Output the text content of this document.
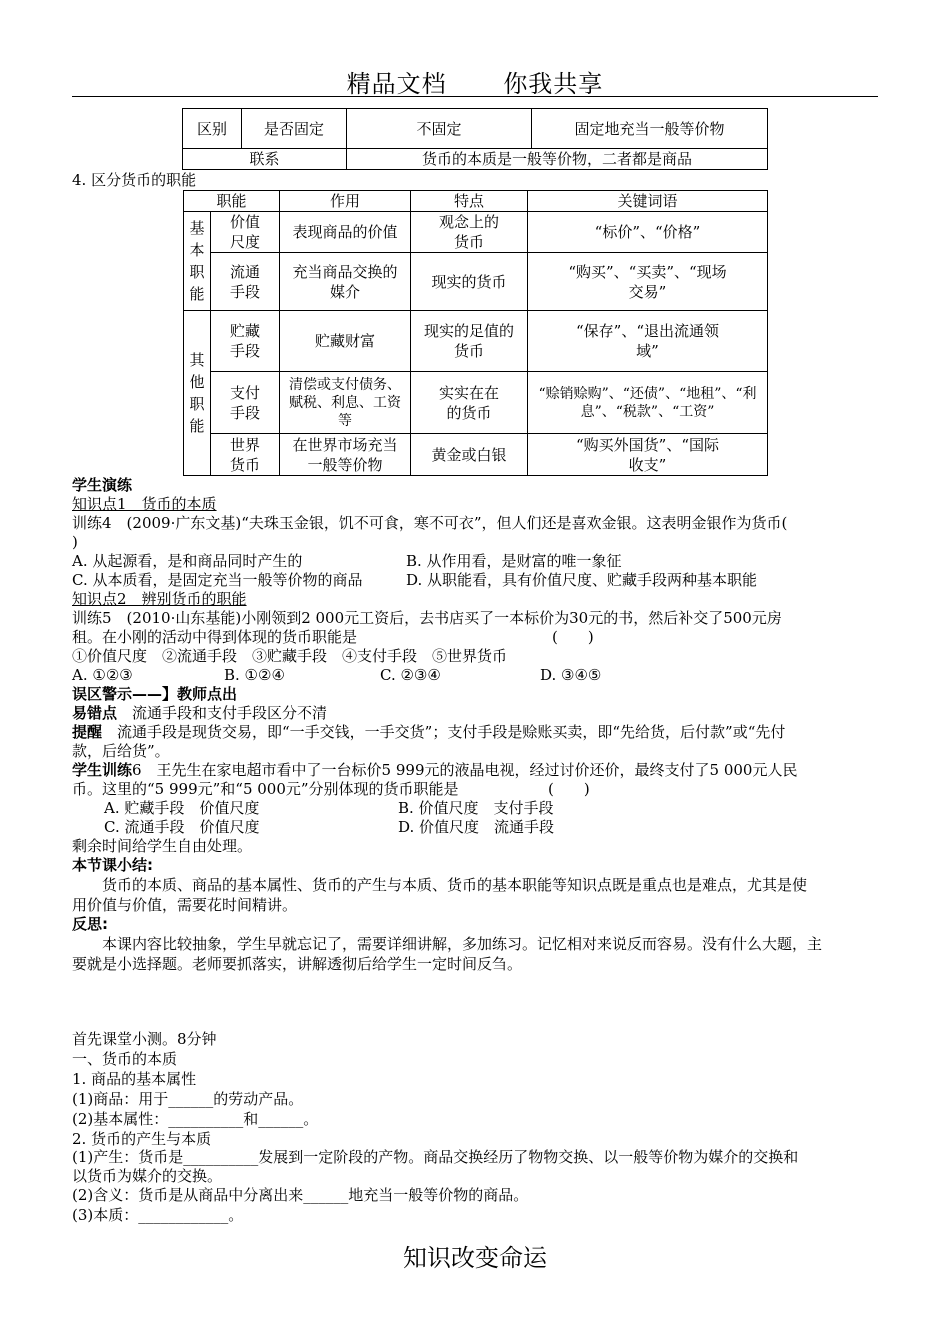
精品文档 你我共享
区别	是否固定	不固定	固定地充当一般等价物
联系		货币的本质是一般等价物，二者都是商品	
4. 区分货币的职能
职能		作用	特点	关键词语
基本职能	价值尺度	表现商品的价值	观念上的货币	“标价”、“价格”
	流通手段	充当商品交换的媒介	现实的货币	“购买”、“买卖”、“现场交易”
其他职能	贮藏手段	贮藏财富	现实的足值的货币	“保存”、“退出流通领域”
	支付手段	清偿或支付债务、赋税、利息、工资等	实实在在的货币	“赊销赊购”、“还债”、“地租”、“利息”、“税款”、“工资”
	世界货币	在世界市场充当一般等价物	黄金或白银	“购买外国货”、“国际收支”
学生演练
知识点1　货币的本质
训练4　(2009·广东文基)“夫珠玉金银，饥不可食，寒不可衣”，但人们还是喜欢金银。这表明金银作为货币(
)
A. 从起源看，是和商品同时产生的	B. 从作用看，是财富的唯一象征
C. 从本质看，是固定充当一般等价物的商品	D. 从职能看，具有价值尺度、贮藏手段两种基本职能
知识点2　辨别货币的职能
训练5　(2010·山东基能)小刚领到2 000元工资后，去书店买了一本标价为30元的书，然后补交了500元房
租。在小刚的活动中得到体现的货币职能是	(　　)
①价值尺度　②流通手段　③贮藏手段　④支付手段　⑤世界货币
A. ①②③	B. ①②④	C. ②③④	D. ③④⑤
误区警示——】教师点出
易错点　流通手段和支付手段区分不清
提醒　流通手段是现货交易，即“一手交钱，一手交货”；支付手段是赊账买卖，即“先给货，后付款”或“先付
款，后给货”。
学生训练6　王先生在家电超市看中了一台标价5 999元的液晶电视，经过讨价还价，最终支付了5 000元人民
币。这里的“5 999元”和“5 000元”分别体现的货币职能是	(　　)
A. 贮藏手段　价值尺度	B. 价值尺度　支付手段
C. 流通手段　价值尺度	D. 价值尺度　流通手段
剩余时间给学生自由处理。
本节课小结:
货币的本质、商品的基本属性、货币的产生与本质、货币的基本职能等知识点既是重点也是难点，尤其是使
用价值与价值，需要花时间精讲。
反思:
本课内容比较抽象，学生早就忘记了，需要详细讲解，多加练习。记忆相对来说反而容易。没有什么大题，主
要就是小选择题。老师要抓落实，讲解透彻后给学生一定时间反刍。
首先课堂小测。8分钟
一、货币的本质
1. 商品的基本属性
(1)商品：用于______的劳动产品。
(2)基本属性：__________和______。
2. 货币的产生与本质
(1)产生：货币是__________发展到一定阶段的产物。商品交换经历了物物交换、以一般等价物为媒介的交换和
以货币为媒介的交换。
(2)含义：货币是从商品中分离出来______地充当一般等价物的商品。
(3)本质：____________。
知识改变命运
